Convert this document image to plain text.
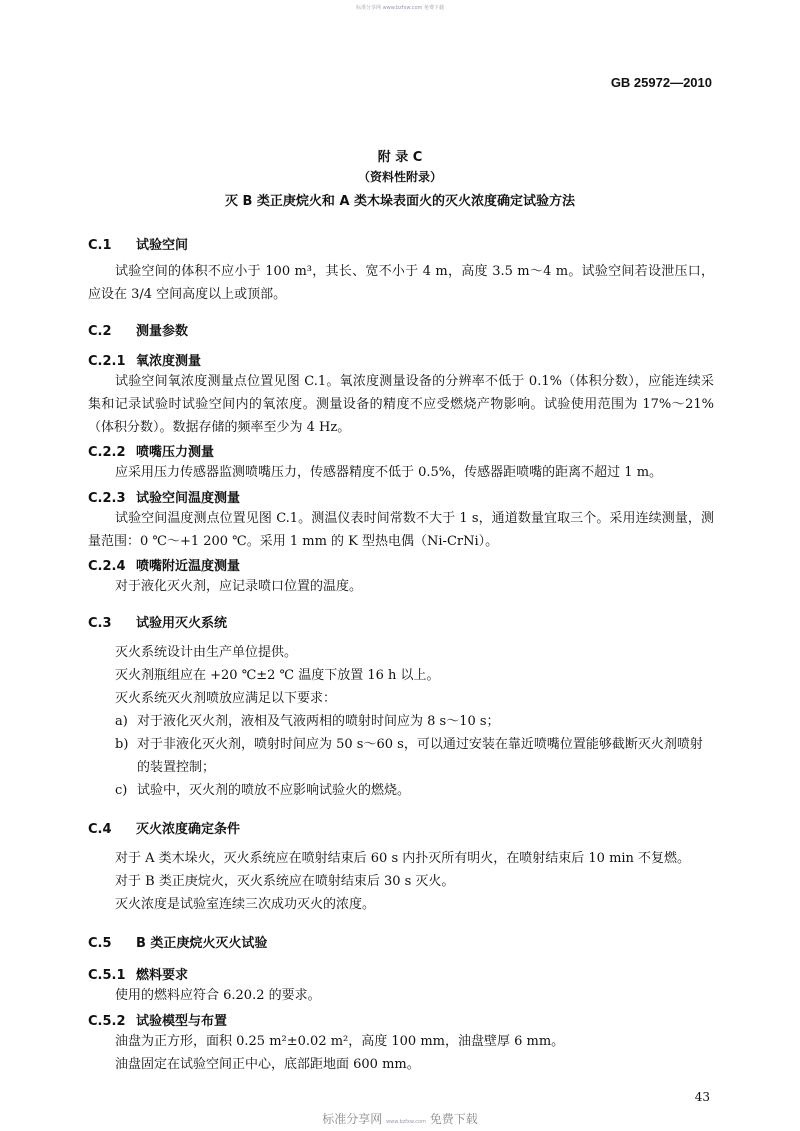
标准分享网 www.bzfxw.com 免费下载
GB 25972—2010
附 录 C
（资料性附录）
灭 B 类正庚烷火和 A 类木垛表面火的灭火浓度确定试验方法
C.1 试验空间
试验空间的体积不应小于 100 m³，其长、宽不小于 4 m，高度 3.5 m～4 m。试验空间若设泄压口，应设在 3/4 空间高度以上或顶部。
C.2 测量参数
C.2.1 氧浓度测量
试验空间氧浓度测量点位置见图 C.1。氧浓度测量设备的分辨率不低于 0.1%（体积分数），应能连续采集和记录试验时试验空间内的氧浓度。测量设备的精度不应受燃烧产物影响。试验使用范围为 17%～21%（体积分数）。数据存储的频率至少为 4 Hz。
C.2.2 喷嘴压力测量
应采用压力传感器监测喷嘴压力，传感器精度不低于 0.5%，传感器距喷嘴的距离不超过 1 m。
C.2.3 试验空间温度测量
试验空间温度测点位置见图 C.1。测温仪表时间常数不大于 1 s，通道数量宜取三个。采用连续测量，测量范围：0 ℃～+1 200 ℃。采用 1 mm 的 K 型热电偶（Ni-CrNi）。
C.2.4 喷嘴附近温度测量
对于液化灭火剂，应记录喷口位置的温度。
C.3 试验用灭火系统
灭火系统设计由生产单位提供。
灭火剂瓶组应在 +20 ℃±2 ℃ 温度下放置 16 h 以上。
灭火系统灭火剂喷放应满足以下要求：
a) 对于液化灭火剂，液相及气液两相的喷射时间应为 8 s～10 s；
b) 对于非液化灭火剂，喷射时间应为 50 s～60 s，可以通过安装在靠近喷嘴位置能够截断灭火剂喷射的装置控制；
c) 试验中，灭火剂的喷放不应影响试验火的燃烧。
C.4 灭火浓度确定条件
对于 A 类木垛火，灭火系统应在喷射结束后 60 s 内扑灭所有明火，在喷射结束后 10 min 不复燃。
对于 B 类正庚烷火，灭火系统应在喷射结束后 30 s 灭火。
灭火浓度是试验室连续三次成功灭火的浓度。
C.5 B 类正庚烷火灭火试验
C.5.1 燃料要求
使用的燃料应符合 6.20.2 的要求。
C.5.2 试验模型与布置
油盘为正方形，面积 0.25 m²±0.02 m²，高度 100 mm，油盘壁厚 6 mm。
油盘固定在试验空间正中心，底部距地面 600 mm。
43
标准分享网 www.bzfxw.com 免费下载
